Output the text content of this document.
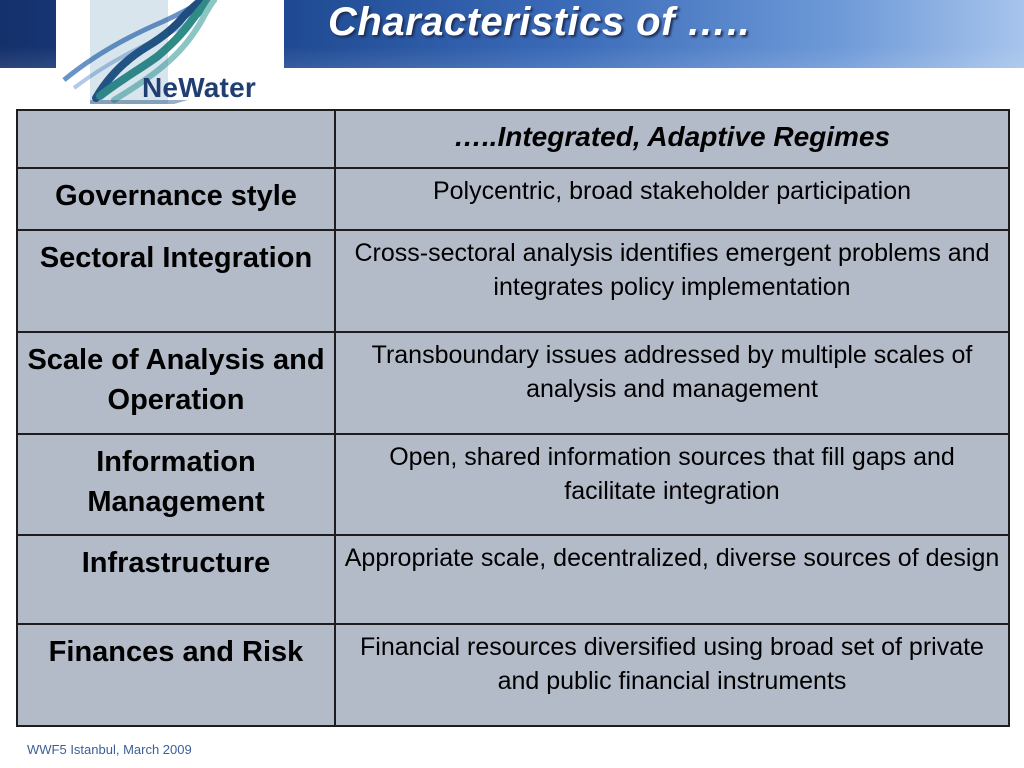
Characteristics of …..
NeWater
	…..Integrated, Adaptive Regimes
Governance style	Polycentric, broad stakeholder participation
Sectoral Integration	Cross-sectoral analysis identifies emergent problems and integrates policy implementation
Scale of Analysis and Operation	Transboundary issues addressed by multiple scales of analysis and management
Information Management	Open, shared information sources that fill gaps and facilitate integration
Infrastructure	Appropriate scale, decentralized, diverse sources of design
Finances and Risk	Financial resources diversified using broad set of private and public financial instruments
WWF5 Istanbul, March 2009
